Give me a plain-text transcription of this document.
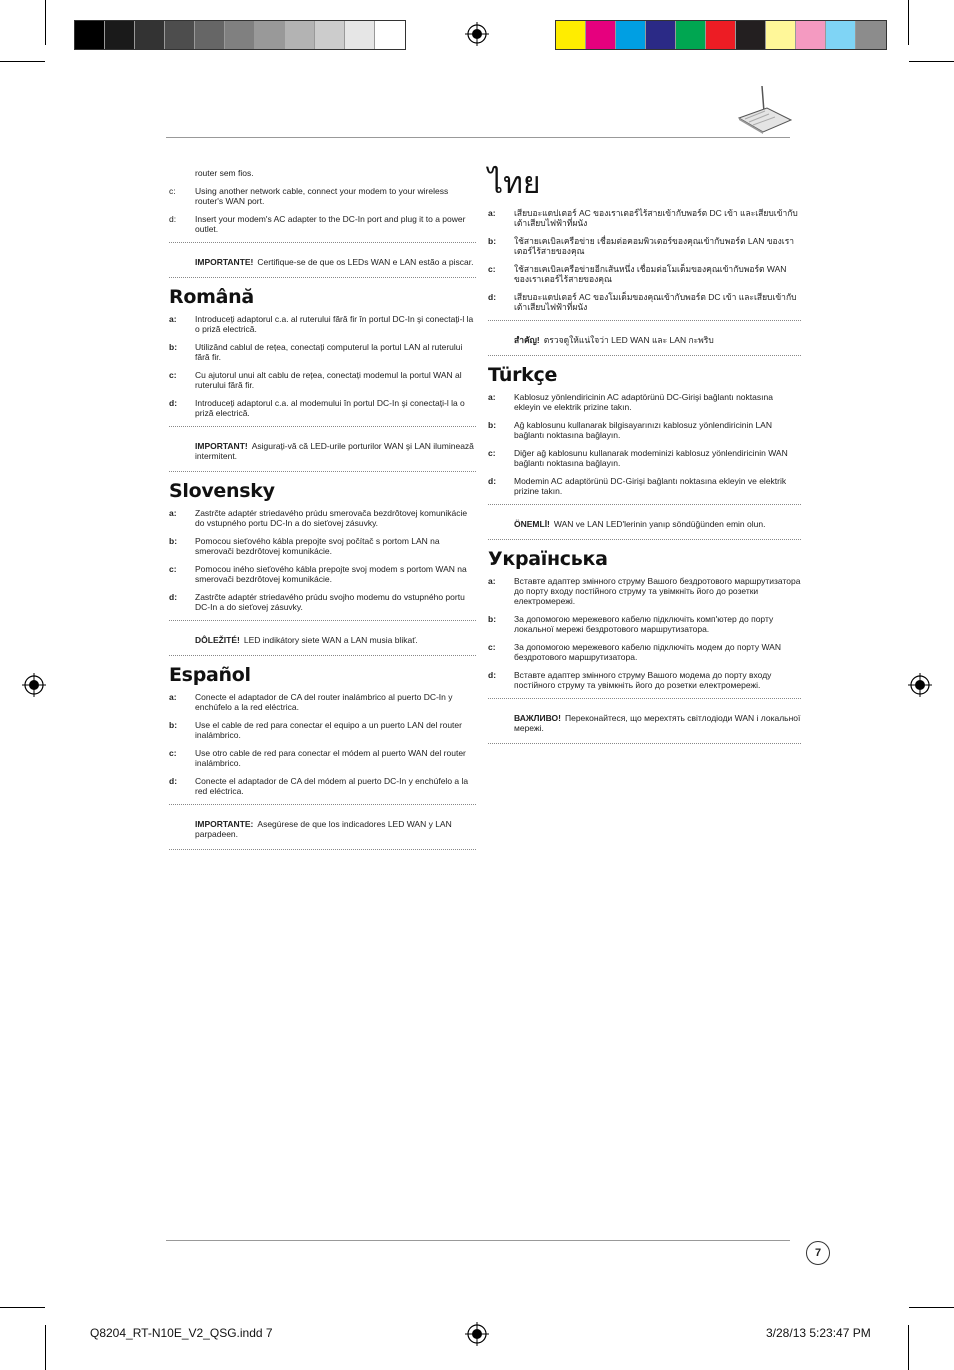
router sem fios.
c:	Using another network cable, connect your modem to your wireless router's WAN port.
d:	Insert your modem's AC adapter to the DC-In port and plug it to a power outlet.
IMPORTANTE! Certifique-se de que os LEDs WAN e LAN estão a piscar.
Română
a:	Introduceți adaptorul c.a. al ruterului fără fir în portul DC-In şi conectați-l la o priză electrică.
b:	Utilizând cablul de rețea, conectați computerul la portul LAN al ruterului fără fir.
c:	Cu ajutorul unui alt cablu de rețea, conectați modemul la portul WAN al ruterului fără fir.
d:	Introduceți adaptorul c.a. al modemului în portul DC-In şi conectați-l la o priză electrică.
IMPORTANT! Asigurați-vă că LED-urile porturilor WAN şi LAN iluminează intermitent.
Slovensky
a:	Zastrčte adaptér striedavého prúdu smerovača bezdrôtovej komunikácie do vstupného portu DC-In a do sieťovej zásuvky.
b:	Pomocou sieťového kábla prepojte svoj počítač s portom LAN na smerovači bezdrôtovej komunikácie.
c:	Pomocou iného sieťového kábla prepojte svoj modem s portom WAN na smerovači bezdrôtovej komunikácie.
d:	Zastrčte adaptér striedavého prúdu svojho modemu do vstupného portu DC-In a do sieťovej zásuvky.
DÔLEŽITÉ! LED indikátory siete WAN a LAN musia blikať.
Español
a:	Conecte el adaptador de CA del router inalámbrico al puerto DC-In y enchúfelo a la red eléctrica.
b:	Use el cable de red para conectar el equipo a un puerto LAN del router inalámbrico.
c:	Use otro cable de red para conectar el módem al puerto WAN del router inalámbrico.
d:	Conecte el adaptador de CA del módem al puerto DC-In y enchúfelo a la red eléctrica.
IMPORTANTE: Asegúrese de que los indicadores LED WAN y LAN parpadeen.
ไทย
a:	เสียบอะแดปเตอร์ AC ของเราเตอร์ไร้สายเข้ากับพอร์ต DC เข้า และเสียบเข้ากับเต้าเสียบไฟฟ้าที่ผนัง
b:	ใช้สายเคเบิลเครือข่าย เชื่อมต่อคอมพิวเตอร์ของคุณเข้ากับพอร์ต LAN ของเราเตอร์ไร้สายของคุณ
c:	ใช้สายเคเบิลเครือข่ายอีกเส้นหนึ่ง เชื่อมต่อโมเด็มของคุณเข้ากับพอร์ต WAN ของเราเตอร์ไร้สายของคุณ
d:	เสียบอะแดปเตอร์ AC ของโมเด็มของคุณเข้ากับพอร์ต DC เข้า และเสียบเข้ากับเต้าเสียบไฟฟ้าที่ผนัง
สำคัญ! ตรวจดูให้แน่ใจว่า LED WAN และ LAN กะพริบ
Türkçe
a:	Kablosuz yönlendiricinin AC adaptörünü DC-Girişi bağlantı noktasına ekleyin ve elektrik prizine takın.
b:	Ağ kablosunu kullanarak bilgisayarınızı kablosuz yönlendiricinin LAN bağlantı noktasına bağlayın.
c:	Diğer ağ kablosunu kullanarak modeminizi kablosuz yönlendiricinin WAN bağlantı noktasına bağlayın.
d:	Modemin AC adaptörünü DC-Girişi bağlantı noktasına ekleyin ve elektrik prizine takın.
ÖNEMLİ! WAN ve LAN LED'lerinin yanıp söndüğünden emin olun.
Українська
a:	Вставте адаптер змінного струму Вашого бездротового маршрутизатора до порту входу постійного струму та увімкніть його до розетки електромережі.
b:	За допомогою мережевого кабелю підключіть комп'ютер до порту локальної мережі бездротового маршрутизатора.
c:	За допомогою мережевого кабелю підключіть модем до порту WAN бездротового маршрутизатора.
d:	Вставте адаптер змінного струму Вашого модема до порту входу постійного струму та увімкніть його до розетки електромережі.
ВАЖЛИВО! Переконайтеся, що мерехтять світлодіоди WAN і локальної мережі.
7
Q8204_RT-N10E_V2_QSG.indd 7	3/28/13 5:23:47 PM
